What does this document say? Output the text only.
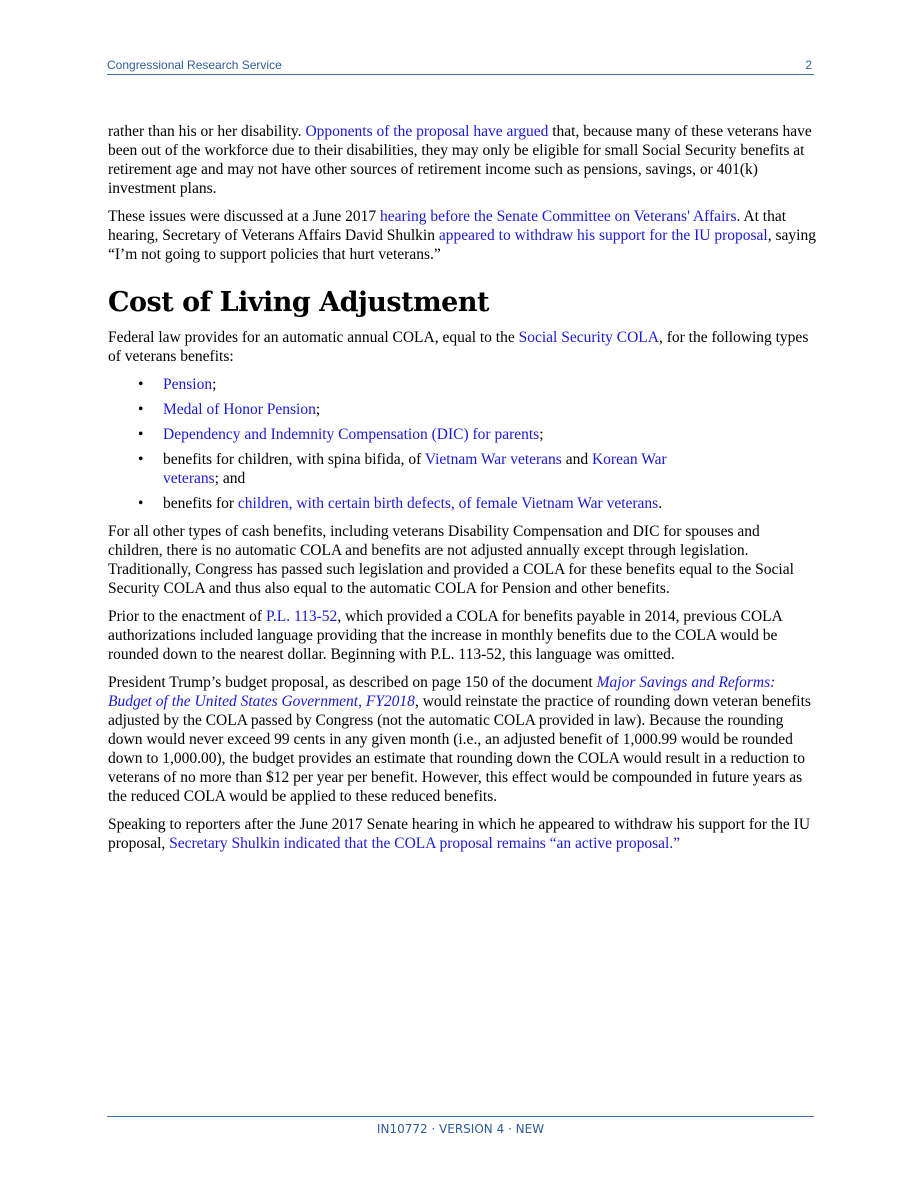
Congressional Research Service	2

rather than his or her disability. Opponents of the proposal have argued that, because many of these veterans have been out of the workforce due to their disabilities, they may only be eligible for small Social Security benefits at retirement age and may not have other sources of retirement income such as pensions, savings, or 401(k) investment plans.

These issues were discussed at a June 2017 hearing before the Senate Committee on Veterans' Affairs. At that hearing, Secretary of Veterans Affairs David Shulkin appeared to withdraw his support for the IU proposal, saying “I’m not going to support policies that hurt veterans.”

Cost of Living Adjustment

Federal law provides for an automatic annual COLA, equal to the Social Security COLA, for the following types of veterans benefits:

• Pension;
• Medal of Honor Pension;
• Dependency and Indemnity Compensation (DIC) for parents;
• benefits for children, with spina bifida, of Vietnam War veterans and Korean War veterans; and
• benefits for children, with certain birth defects, of female Vietnam War veterans.

For all other types of cash benefits, including veterans Disability Compensation and DIC for spouses and children, there is no automatic COLA and benefits are not adjusted annually except through legislation. Traditionally, Congress has passed such legislation and provided a COLA for these benefits equal to the Social Security COLA and thus also equal to the automatic COLA for Pension and other benefits.

Prior to the enactment of P.L. 113-52, which provided a COLA for benefits payable in 2014, previous COLA authorizations included language providing that the increase in monthly benefits due to the COLA would be rounded down to the nearest dollar. Beginning with P.L. 113-52, this language was omitted.

President Trump’s budget proposal, as described on page 150 of the document Major Savings and Reforms: Budget of the United States Government, FY2018, would reinstate the practice of rounding down veteran benefits adjusted by the COLA passed by Congress (not the automatic COLA provided in law). Because the rounding down would never exceed 99 cents in any given month (i.e., an adjusted benefit of 1,000.99 would be rounded down to 1,000.00), the budget provides an estimate that rounding down the COLA would result in a reduction to veterans of no more than $12 per year per benefit. However, this effect would be compounded in future years as the reduced COLA would be applied to these reduced benefits.

Speaking to reporters after the June 2017 Senate hearing in which he appeared to withdraw his support for the IU proposal, Secretary Shulkin indicated that the COLA proposal remains “an active proposal.”

IN10772 · VERSION 4 · NEW
